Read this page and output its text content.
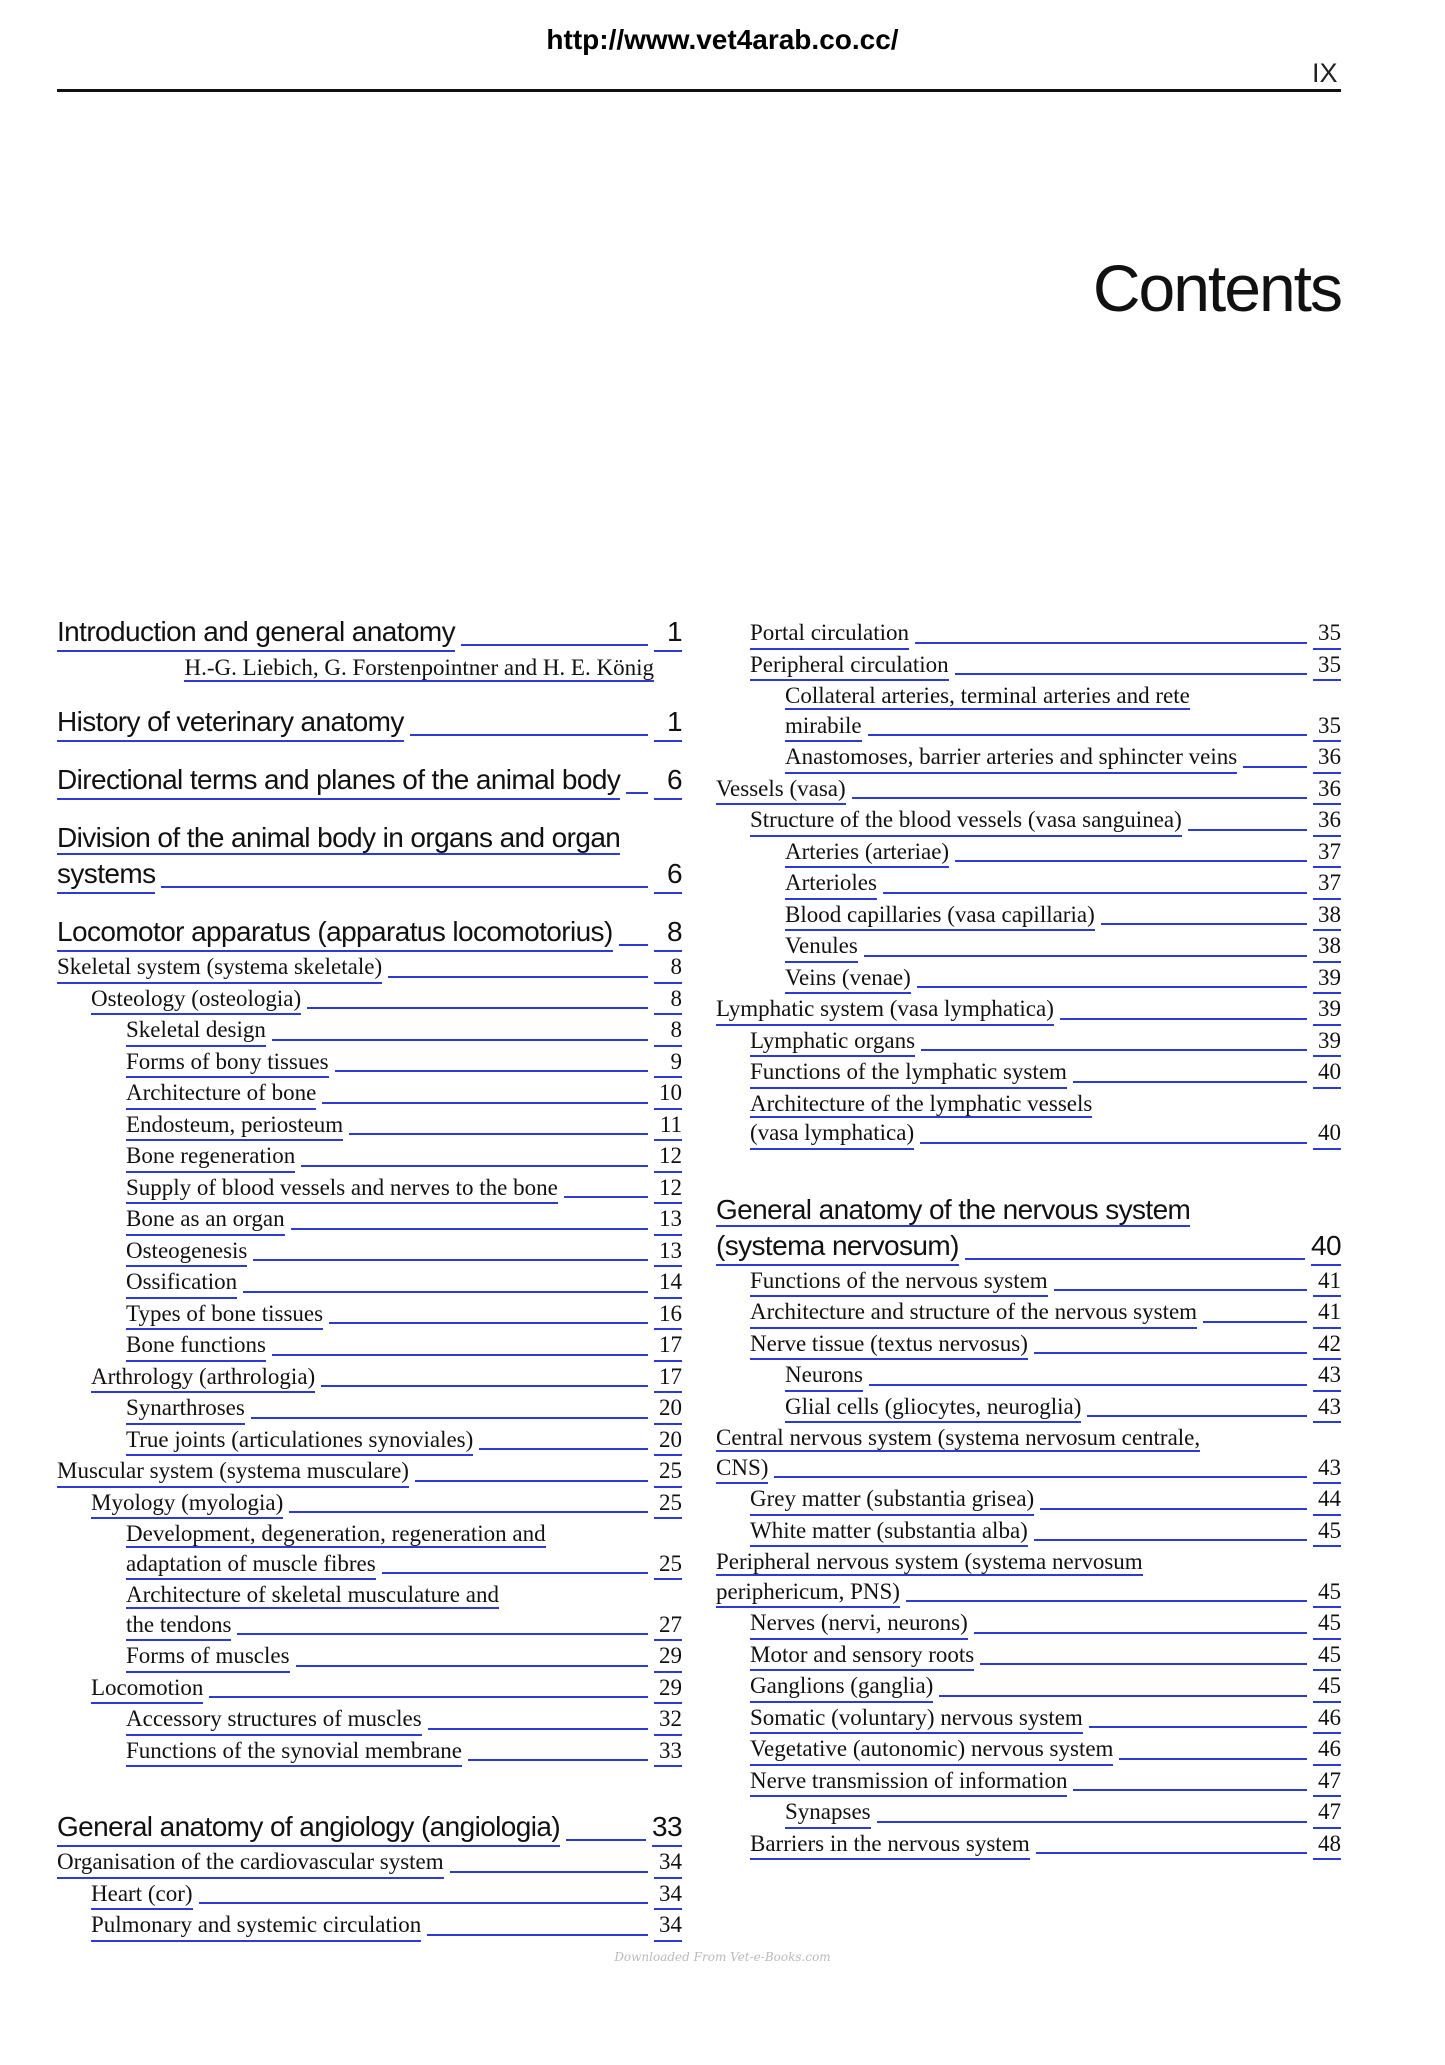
http://www.vet4arab.co.cc/
IX
Contents
Introduction and general anatomy	1
H.-G. Liebich, G. Forstenpointner and H. E. König
History of veterinary anatomy	1
Directional terms and planes of the animal body	6
Division of the animal body in organs and organ
systems	6
Locomotor apparatus (apparatus locomotorius)	8
Skeletal system (systema skeletale)	8
Osteology (osteologia)	8
Skeletal design	8
Forms of bony tissues	9
Architecture of bone	10
Endosteum, periosteum	11
Bone regeneration	12
Supply of blood vessels and nerves to the bone	12
Bone as an organ	13
Osteogenesis	13
Ossification	14
Types of bone tissues	16
Bone functions	17
Arthrology (arthrologia)	17
Synarthroses	20
True joints (articulationes synoviales)	20
Muscular system (systema musculare)	25
Myology (myologia)	25
Development, degeneration, regeneration and
adaptation of muscle fibres	25
Architecture of skeletal musculature and
the tendons	27
Forms of muscles	29
Locomotion	29
Accessory structures of muscles	32
Functions of the synovial membrane	33
General anatomy of angiology (angiologia)	33
Organisation of the cardiovascular system	34
Heart (cor)	34
Pulmonary and systemic circulation	34
Portal circulation	35
Peripheral circulation	35
Collateral arteries, terminal arteries and rete
mirabile	35
Anastomoses, barrier arteries and sphincter veins	36
Vessels (vasa)	36
Structure of the blood vessels (vasa sanguinea)	36
Arteries (arteriae)	37
Arterioles	37
Blood capillaries (vasa capillaria)	38
Venules	38
Veins (venae)	39
Lymphatic system (vasa lymphatica)	39
Lymphatic organs	39
Functions of the lymphatic system	40
Architecture of the lymphatic vessels
(vasa lymphatica)	40
General anatomy of the nervous system
(systema nervosum)	40
Functions of the nervous system	41
Architecture and structure of the nervous system	41
Nerve tissue (textus nervosus)	42
Neurons	43
Glial cells (gliocytes, neuroglia)	43
Central nervous system (systema nervosum centrale,
CNS)	43
Grey matter (substantia grisea)	44
White matter (substantia alba)	45
Peripheral nervous system (systema nervosum
periphericum, PNS)	45
Nerves (nervi, neurons)	45
Motor and sensory roots	45
Ganglions (ganglia)	45
Somatic (voluntary) nervous system	46
Vegetative (autonomic) nervous system	46
Nerve transmission of information	47
Synapses	47
Barriers in the nervous system	48
Downloaded From Vet-e-Books.com
